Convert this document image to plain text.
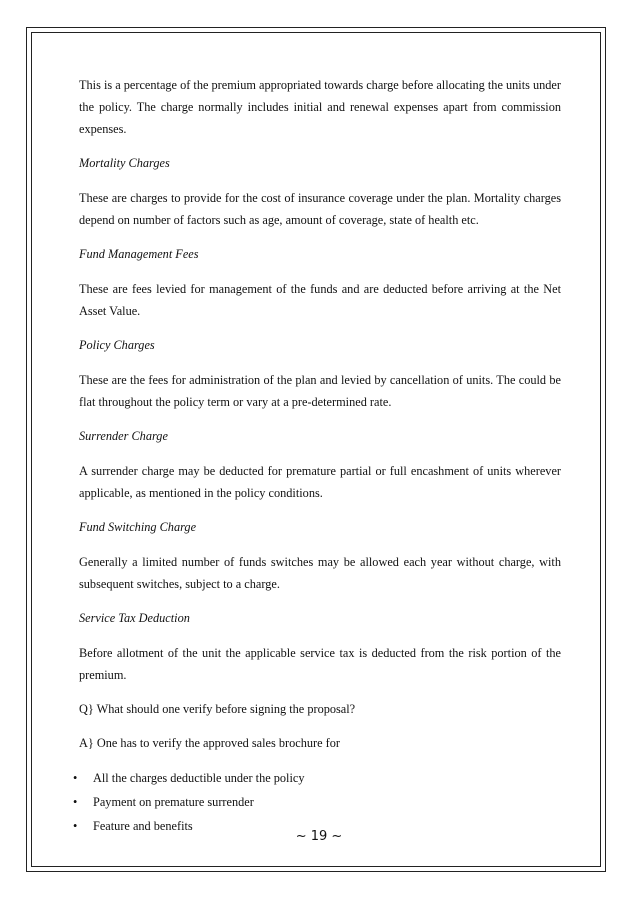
This is a percentage of the premium appropriated towards charge before allocating the units under the policy. The charge normally includes initial and renewal expenses apart from commission expenses.

Mortality Charges

These are charges to provide for the cost of insurance coverage under the plan. Mortality charges depend on number of factors such as age, amount of coverage, state of health etc.

Fund Management Fees

These are fees levied for management of the funds and are deducted before arriving at the Net Asset Value.

Policy Charges

These are the fees for administration of the plan and levied by cancellation of units. The could be flat throughout the policy term or vary at a pre-determined rate.

Surrender Charge

A surrender charge may be deducted for premature partial or full encashment of units wherever applicable, as mentioned in the policy conditions.

Fund Switching Charge

Generally a limited number of funds switches may be allowed each year without charge, with subsequent switches, subject to a charge.

Service Tax Deduction

Before allotment of the unit the applicable service tax is deducted from the risk portion of the premium.

Q} What should one verify before signing the proposal?

A} One has to verify the approved sales brochure for

• All the charges deductible under the policy
• Payment on premature surrender
• Feature and benefits
~ 19 ~
